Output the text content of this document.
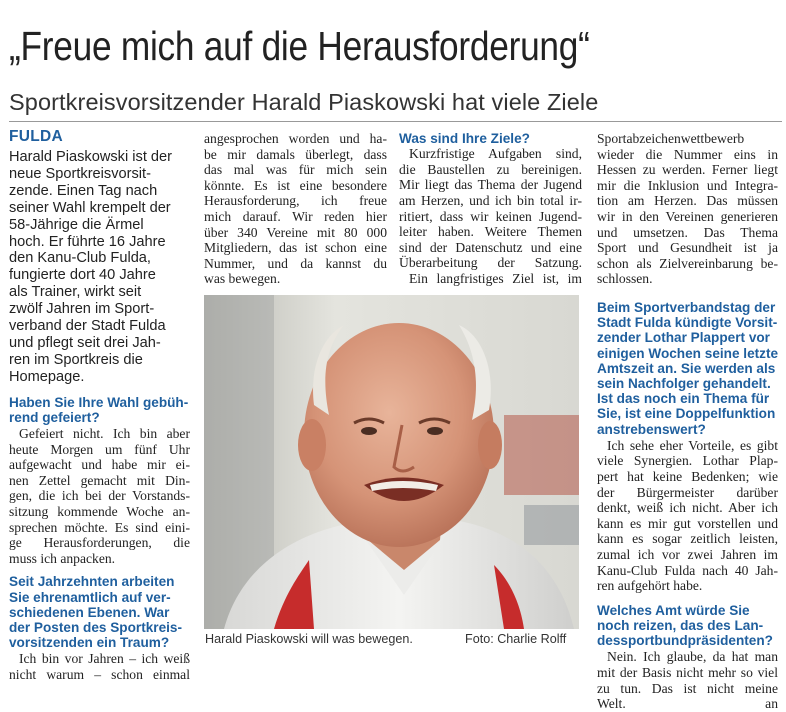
„Freue mich auf die Herausforderung“
Sportkreisvorsitzender Harald Piaskowski hat viele Ziele
FULDA
Harald Piaskowski ist der
neue Sportkreisvorsit-
zende. Einen Tag nach
seiner Wahl krempelt der
58-Jährige die Ärmel
hoch. Er führte 16 Jahre
den Kanu-Club Fulda,
fungierte dort 40 Jahre
als Trainer, wirkt seit
zwölf Jahren im Sport-
verband der Stadt Fulda
und pflegt seit drei Jah-
ren im Sportkreis die
Homepage.
Haben Sie Ihre Wahl gebüh-
rend gefeiert?
Gefeiert nicht. Ich bin aber
heute Morgen um fünf Uhr
aufgewacht und habe mir ei-
nen Zettel gemacht mit Din-
gen, die ich bei der Vorstands-
sitzung kommende Woche an-
sprechen möchte. Es sind eini-
ge Herausforderungen, die
muss ich anpacken.
Seit Jahrzehnten arbeiten
Sie ehrenamtlich auf ver-
schiedenen Ebenen. War
der Posten des Sportkreis-
vorsitzenden ein Traum?
Ich bin vor Jahren – ich weiß
nicht warum – schon einmal
angesprochen worden und ha-
be mir damals überlegt, dass
das mal was für mich sein
könnte. Es ist eine besondere
Herausforderung, ich freue
mich darauf. Wir reden hier
über 340 Vereine mit 80 000
Mitgliedern, das ist schon eine
Nummer, und da kannst du
was bewegen.
Was sind Ihre Ziele?
Kurzfristige Aufgaben sind,
die Baustellen zu bereinigen.
Mir liegt das Thema der Jugend
am Herzen, und ich bin total ir-
ritiert, dass wir keinen Jugend-
leiter haben. Weitere Themen
sind der Datenschutz und eine
Überarbeitung der Satzung.
Ein langfristiges Ziel ist, im
Harald Piaskowski will was bewegen.	Foto: Charlie Rolff
Sportabzeichenwettbewerb
wieder die Nummer eins in
Hessen zu werden. Ferner liegt
mir die Inklusion und Integra-
tion am Herzen. Das müssen
wir in den Vereinen generieren
und umsetzen. Das Thema
Sport und Gesundheit ist ja
schon als Zielvereinbarung be-
schlossen.
Beim Sportverbandstag der
Stadt Fulda kündigte Vorsit-
zender Lothar Plappert vor
einigen Wochen seine letzte
Amtszeit an. Sie werden als
sein Nachfolger gehandelt.
Ist das noch ein Thema für
Sie, ist eine Doppelfunktion
anstrebenswert?
Ich sehe eher Vorteile, es gibt
viele Synergien. Lothar Plap-
pert hat keine Bedenken; wie
der Bürgermeister darüber
denkt, weiß ich nicht. Aber ich
kann es mir gut vorstellen und
kann es sogar zeitlich leisten,
zumal ich vor zwei Jahren im
Kanu-Club Fulda nach 40 Jah-
ren aufgehört habe.
Welches Amt würde Sie
noch reizen, das des Lan-
dessportbundpräsidenten?
Nein. Ich glaube, da hat man
mit der Basis nicht mehr so viel
zu tun. Das ist nicht meine
Welt. an
